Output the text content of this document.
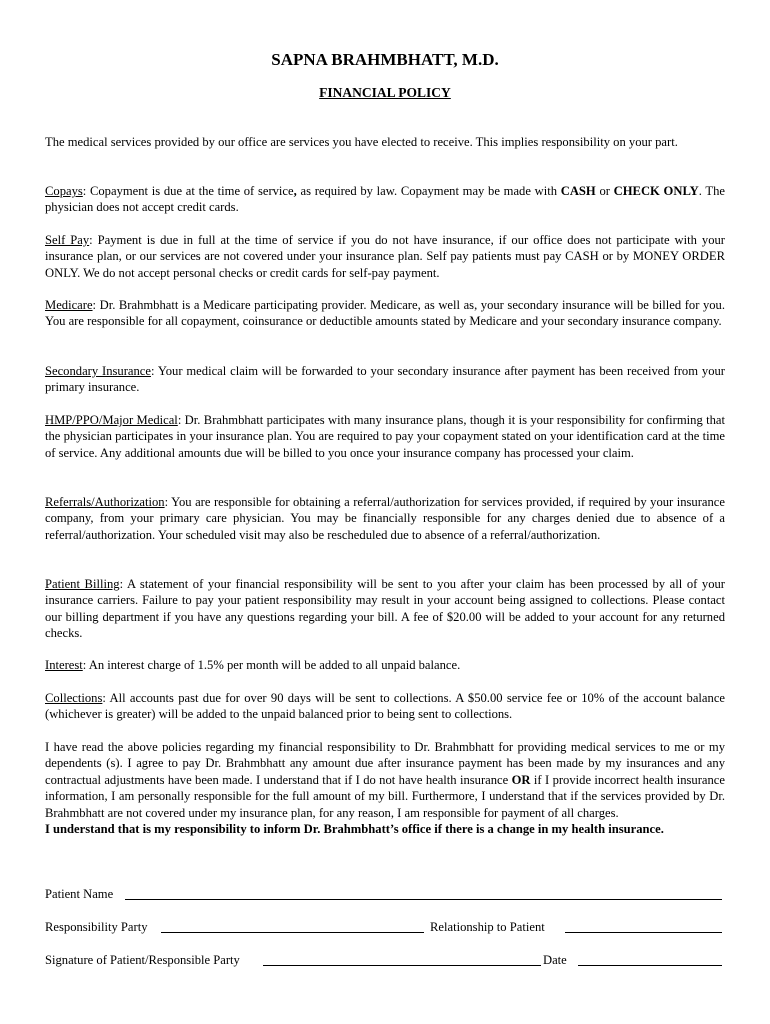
SAPNA BRAHMBHATT, M.D.
FINANCIAL POLICY

The medical services provided by our office are services you have elected to receive. This implies responsibility on your part.

Copays: Copayment is due at the time of service, as required by law. Copayment may be made with CASH or CHECK ONLY. The physician does not accept credit cards.

Self Pay: Payment is due in full at the time of service if you do not have insurance, if our office does not participate with your insurance plan, or our services are not covered under your insurance plan. Self pay patients must pay CASH or by MONEY ORDER ONLY. We do not accept personal checks or credit cards for self-pay payment.

Medicare: Dr. Brahmbhatt is a Medicare participating provider. Medicare, as well as, your secondary insurance will be billed for you. You are responsible for all copayment, coinsurance or deductible amounts stated by Medicare and your secondary insurance company.

Secondary Insurance: Your medical claim will be forwarded to your secondary insurance after payment has been received from your primary insurance.

HMP/PPO/Major Medical: Dr. Brahmbhatt participates with many insurance plans, though it is your responsibility for confirming that the physician participates in your insurance plan. You are required to pay your copayment stated on your identification card at the time of service. Any additional amounts due will be billed to you once your insurance company has processed your claim.

Referrals/Authorization: You are responsible for obtaining a referral/authorization for services provided, if required by your insurance company, from your primary care physician. You may be financially responsible for any charges denied due to absence of a referral/authorization. Your scheduled visit may also be rescheduled due to absence of a referral/authorization.

Patient Billing: A statement of your financial responsibility will be sent to you after your claim has been processed by all of your insurance carriers. Failure to pay your patient responsibility may result in your account being assigned to collections. Please contact our billing department if you have any questions regarding your bill. A fee of $20.00 will be added to your account for any returned checks.

Interest: An interest charge of 1.5% per month will be added to all unpaid balance.

Collections: All accounts past due for over 90 days will be sent to collections. A $50.00 service fee or 10% of the account balance (whichever is greater) will be added to the unpaid balanced prior to being sent to collections.

I have read the above policies regarding my financial responsibility to Dr. Brahmbhatt for providing medical services to me or my dependents (s). I agree to pay Dr. Brahmbhatt any amount due after insurance payment has been made by my insurances and any contractual adjustments have been made. I understand that if I do not have health insurance OR if I provide incorrect health insurance information, I am personally responsible for the full amount of my bill. Furthermore, I understand that if the services provided by Dr. Brahmbhatt are not covered under my insurance plan, for any reason, I am responsible for payment of all charges.
I understand that is my responsibility to inform Dr. Brahmbhatt’s office if there is a change in my health insurance.

Patient Name
Responsibility Party	Relationship to Patient
Signature of Patient/Responsible Party	Date
